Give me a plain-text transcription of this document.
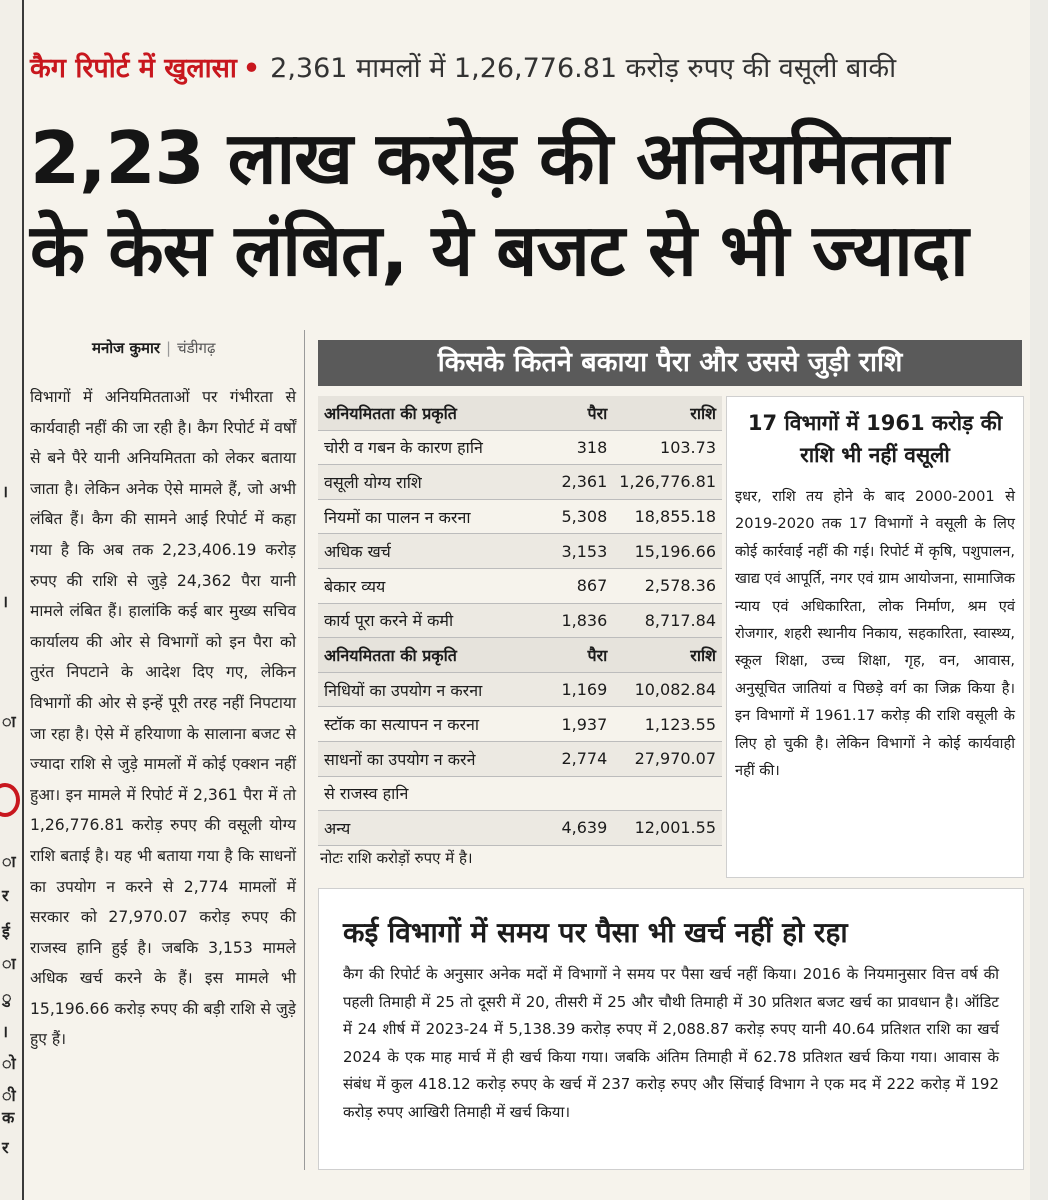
।
।
ा
ा
र
ई
ा
ु
।
ो
ी
क
र
कैग रिपोर्ट में खुलासा • 2,361 मामलों में 1,26,776.81 करोड़ रुपए की वसूली बाकी
2,23 लाख करोड़ की अनियमितता
के केस लंबित, ये बजट से भी ज्यादा
मनोज कुमार | चंडीगढ़
विभागों में अनियमितताओं पर गंभीरता से कार्यवाही नहीं की जा रही है। कैग रिपोर्ट में वर्षों से बने पैरे यानी अनियमितता को लेकर बताया जाता है। लेकिन अनेक ऐसे मामले हैं, जो अभी लंबित हैं। कैग की सामने आई रिपोर्ट में कहा गया है कि अब तक 2,23,406.19 करोड़ रुपए की राशि से जुड़े 24,362 पैरा यानी मामले लंबित हैं। हालांकि कई बार मुख्य सचिव कार्यालय की ओर से विभागों को इन पैरा को तुरंत निपटाने के आदेश दिए गए, लेकिन विभागों की ओर से इन्हें पूरी तरह नहीं निपटाया जा रहा है। ऐसे में हरियाणा के सालाना बजट से ज्यादा राशि से जुड़े मामलों में कोई एक्शन नहीं हुआ। इन मामले में रिपोर्ट में 2,361 पैरा में तो 1,26,776.81 करोड़ रुपए की वसूली योग्य राशि बताई है। यह भी बताया गया है कि साधनों का उपयोग न करने से 2,774 मामलों में सरकार को 27,970.07 करोड़ रुपए की राजस्व हानि हुई है। जबकि 3,153 मामले अधिक खर्च करने के हैं। इस मामले भी 15,196.66 करोड़ रुपए की बड़ी राशि से जुड़े हुए हैं।
किसके कितने बकाया पैरा और उससे जुड़ी राशि
अनियमितता की प्रकृति	पैरा	राशि
चोरी व गबन के कारण हानि	318	103.73
वसूली योग्य राशि	2,361	1,26,776.81
नियमों का पालन न करना	5,308	18,855.18
अधिक खर्च	3,153	15,196.66
बेकार व्यय	867	2,578.36
कार्य पूरा करने में कमी	1,836	8,717.84
अनियमितता की प्रकृति	पैरा	राशि
निधियों का उपयोग न करना	1,169	10,082.84
स्टॉक का सत्यापन न करना	1,937	1,123.55
साधनों का उपयोग न करने	2,774	27,970.07
से राजस्व हानि		
अन्य	4,639	12,001.55
नोटः राशि करोड़ों रुपए में है।
17 विभागों में 1961 करोड़ की राशि भी नहीं वसूली
इधर, राशि तय होने के बाद 2000-2001 से 2019-2020 तक 17 विभागों ने वसूली के लिए कोई कार्रवाई नहीं की गई। रिपोर्ट में कृषि, पशुपालन, खाद्य एवं आपूर्ति, नगर एवं ग्राम आयोजना, सामाजिक न्याय एवं अधिकारिता, लोक निर्माण, श्रम एवं रोजगार, शहरी स्थानीय निकाय, सहकारिता, स्वास्थ्य, स्कूल शिक्षा, उच्च शिक्षा, गृह, वन, आवास, अनुसूचित जातियां व पिछड़े वर्ग का जिक्र किया है। इन विभागों में 1961.17 करोड़ की राशि वसूली के लिए हो चुकी है। लेकिन विभागों ने कोई कार्यवाही नहीं की।
कई विभागों में समय पर पैसा भी खर्च नहीं हो रहा
कैग की रिपोर्ट के अनुसार अनेक मदों में विभागों ने समय पर पैसा खर्च नहीं किया। 2016 के नियमानुसार वित्त वर्ष की पहली तिमाही में 25 तो दूसरी में 20, तीसरी में 25 और चौथी तिमाही में 30 प्रतिशत बजट खर्च का प्रावधान है। ऑडिट में 24 शीर्ष में 2023-24 में 5,138.39 करोड़ रुपए में 2,088.87 करोड़ रुपए यानी 40.64 प्रतिशत राशि का खर्च 2024 के एक माह मार्च में ही खर्च किया गया। जबकि अंतिम तिमाही में 62.78 प्रतिशत खर्च किया गया। आवास के संबंध में कुल 418.12 करोड़ रुपए के खर्च में 237 करोड़ रुपए और सिंचाई विभाग ने एक मद में 222 करोड़ में 192 करोड़ रुपए आखिरी तिमाही में खर्च किया।
